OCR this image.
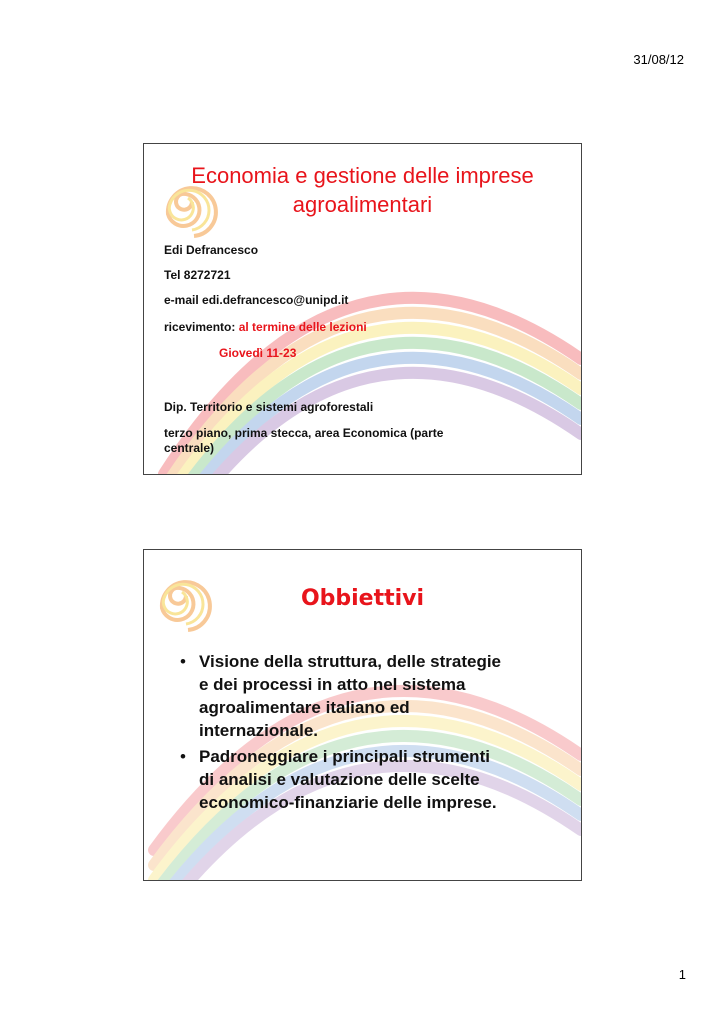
31/08/12
Economia e gestione delle imprese
agroalimentari
Edi Defrancesco
Tel 8272721
e-mail edi.defrancesco@unipd.it
ricevimento: al termine delle lezioni
Giovedì 11-23
Dip. Territorio e sistemi agroforestali
terzo piano, prima stecca, area Economica (parte
centrale)
Obbiettivi
• Visione della struttura, delle strategie
e dei processi in atto nel sistema
agroalimentare italiano ed
internazionale.
• Padroneggiare i principali strumenti
di analisi e valutazione delle scelte
economico-finanziarie delle imprese.
1
